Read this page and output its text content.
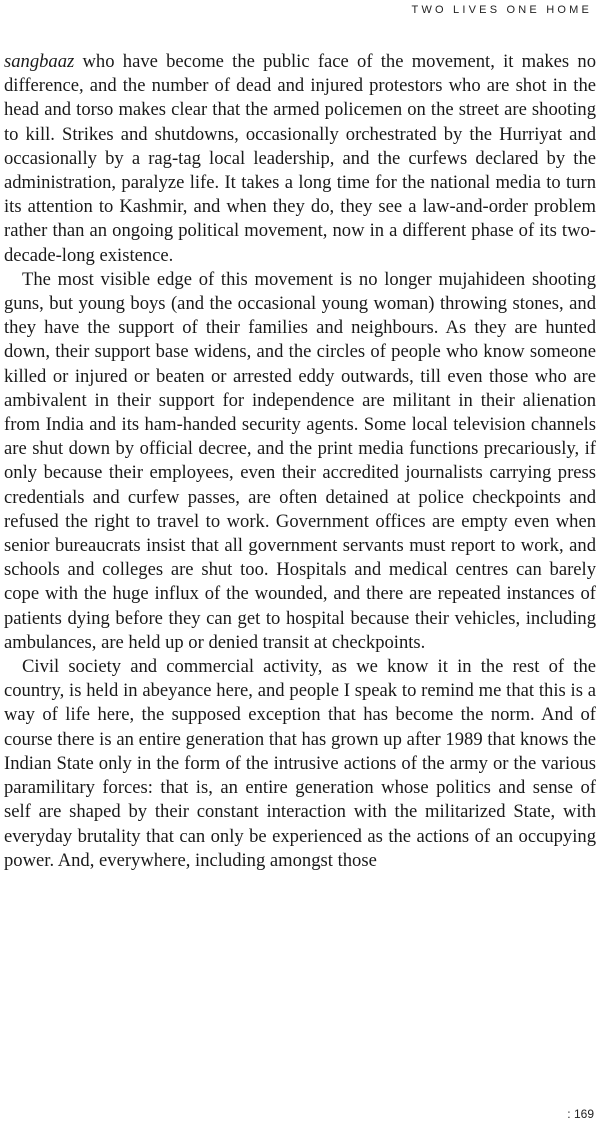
TWO LIVES ONE HOME

sangbaaz who have become the public face of the movement, it makes no difference, and the number of dead and injured protestors who are shot in the head and torso makes clear that the armed policemen on the street are shooting to kill. Strikes and shutdowns, occasionally orchestrated by the Hurriyat and occasionally by a rag-tag local leadership, and the curfews declared by the administration, paralyze life. It takes a long time for the national media to turn its attention to Kashmir, and when they do, they see a law-and-order problem rather than an ongoing political movement, now in a different phase of its two-decade-long existence.

The most visible edge of this movement is no longer mujahideen shooting guns, but young boys (and the occasional young woman) throwing stones, and they have the support of their families and neighbours. As they are hunted down, their support base widens, and the circles of people who know someone killed or injured or beaten or arrested eddy outwards, till even those who are ambivalent in their support for independence are militant in their alienation from India and its ham-handed security agents. Some local television channels are shut down by official decree, and the print media functions precariously, if only because their employees, even their accredited journalists carrying press credentials and curfew passes, are often detained at police checkpoints and refused the right to travel to work. Government offices are empty even when senior bureaucrats insist that all government servants must report to work, and schools and colleges are shut too. Hospitals and medical centres can barely cope with the huge influx of the wounded, and there are repeated instances of patients dying before they can get to hospital because their vehicles, including ambulances, are held up or denied transit at checkpoints.

Civil society and commercial activity, as we know it in the rest of the country, is held in abeyance here, and people I speak to remind me that this is a way of life here, the supposed exception that has become the norm. And of course there is an entire generation that has grown up after 1989 that knows the Indian State only in the form of the intrusive actions of the army or the various paramilitary forces: that is, an entire generation whose politics and sense of self are shaped by their constant interaction with the militarized State, with everyday brutality that can only be experienced as the actions of an occupying power. And, everywhere, including amongst those

: 169
